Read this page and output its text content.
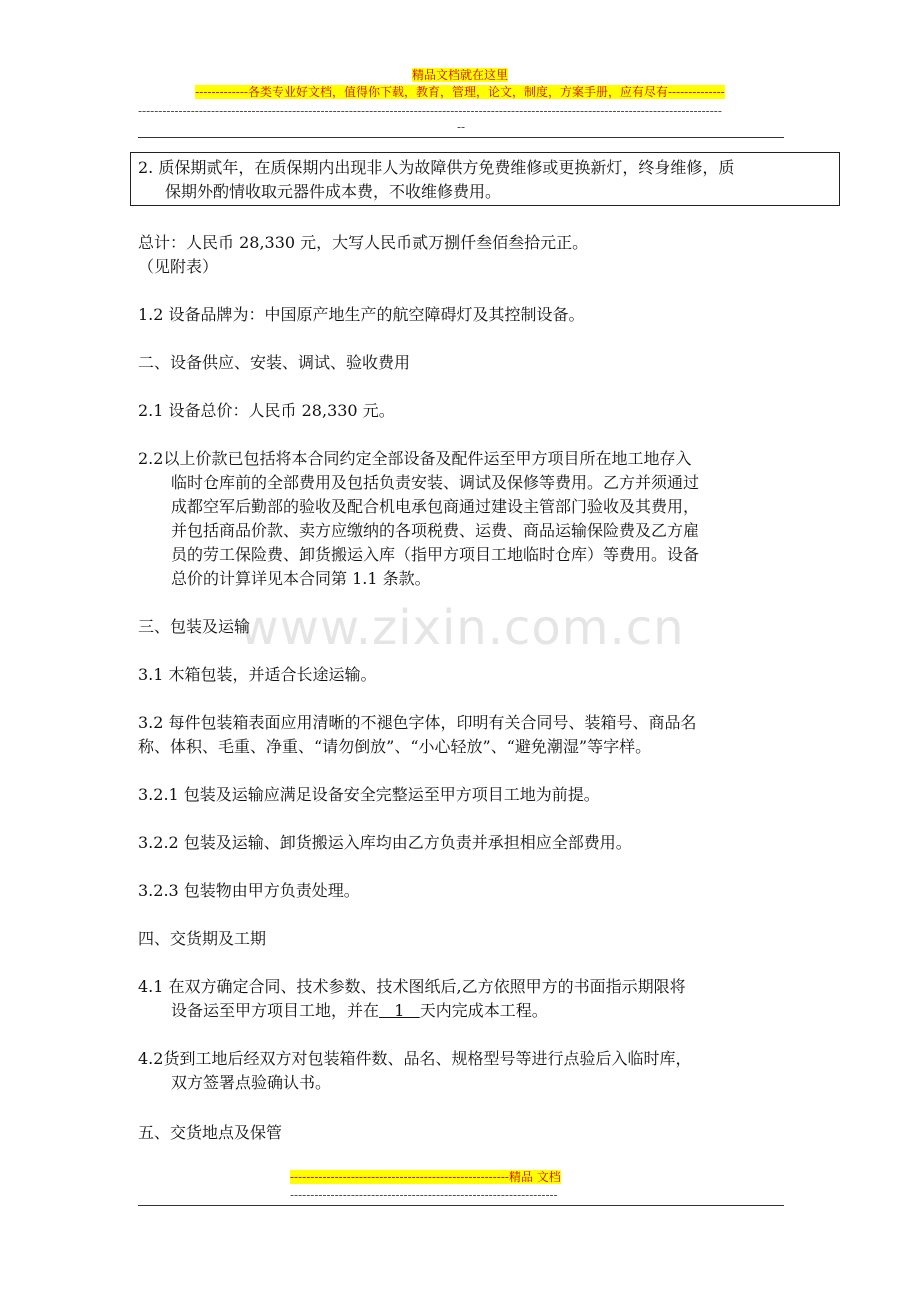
精品文档就在这里
-------------各类专业好文档，值得你下载，教育，管理，论文，制度，方案手册，应有尽有--------------
------------------------------------------------------------------------------------------------------------------------------------------------
--

2. 质保期贰年，在质保期内出现非人为故障供方免费维修或更换新灯，终身维修，质

保期外酌情收取元器件成本费，不收维修费用。

总计：人民币 28,330 元，大写人民币贰万捌仟叁佰叁拾元正。

（见附表）

1.2 设备品牌为：中国原产地生产的航空障碍灯及其控制设备。

二、设备供应、安装、调试、验收费用

2.1 设备总价：人民币 28,330 元。

2.2以上价款已包括将本合同约定全部设备及配件运至甲方项目所在地工地存入

临时仓库前的全部费用及包括负责安装、调试及保修等费用。乙方并须通过

成都空军后勤部的验收及配合机电承包商通过建设主管部门验收及其费用，

并包括商品价款、卖方应缴纳的各项税费、运费、商品运输保险费及乙方雇

员的劳工保险费、卸货搬运入库（指甲方项目工地临时仓库）等费用。设备

总价的计算详见本合同第 1.1 条款。

www.zixin.com.cn

三、包装及运输

3.1 木箱包装，并适合长途运输。

3.2 每件包装箱表面应用清晰的不褪色字体，印明有关合同号、装箱号、商品名

称、体积、毛重、净重、“请勿倒放”、“小心轻放”、“避免潮湿”等字样。

3.2.1 包装及运输应满足设备安全完整运至甲方项目工地为前提。

3.2.2 包装及运输、卸货搬运入库均由乙方负责并承担相应全部费用。

3.2.3 包装物由甲方负责处理。

四、交货期及工期

4.1 在双方确定合同、技术参数、技术图纸后,乙方依照甲方的书面指示期限将

设备运至甲方项目工地，并在   1   天内完成本工程。

4.2货到工地后经双方对包装箱件数、品名、规格型号等进行点验后入临时库，

双方签署点验确认书。

五、交货地点及保管

------------------------------------------------------精品 文档
------------------------------------------------------------------
